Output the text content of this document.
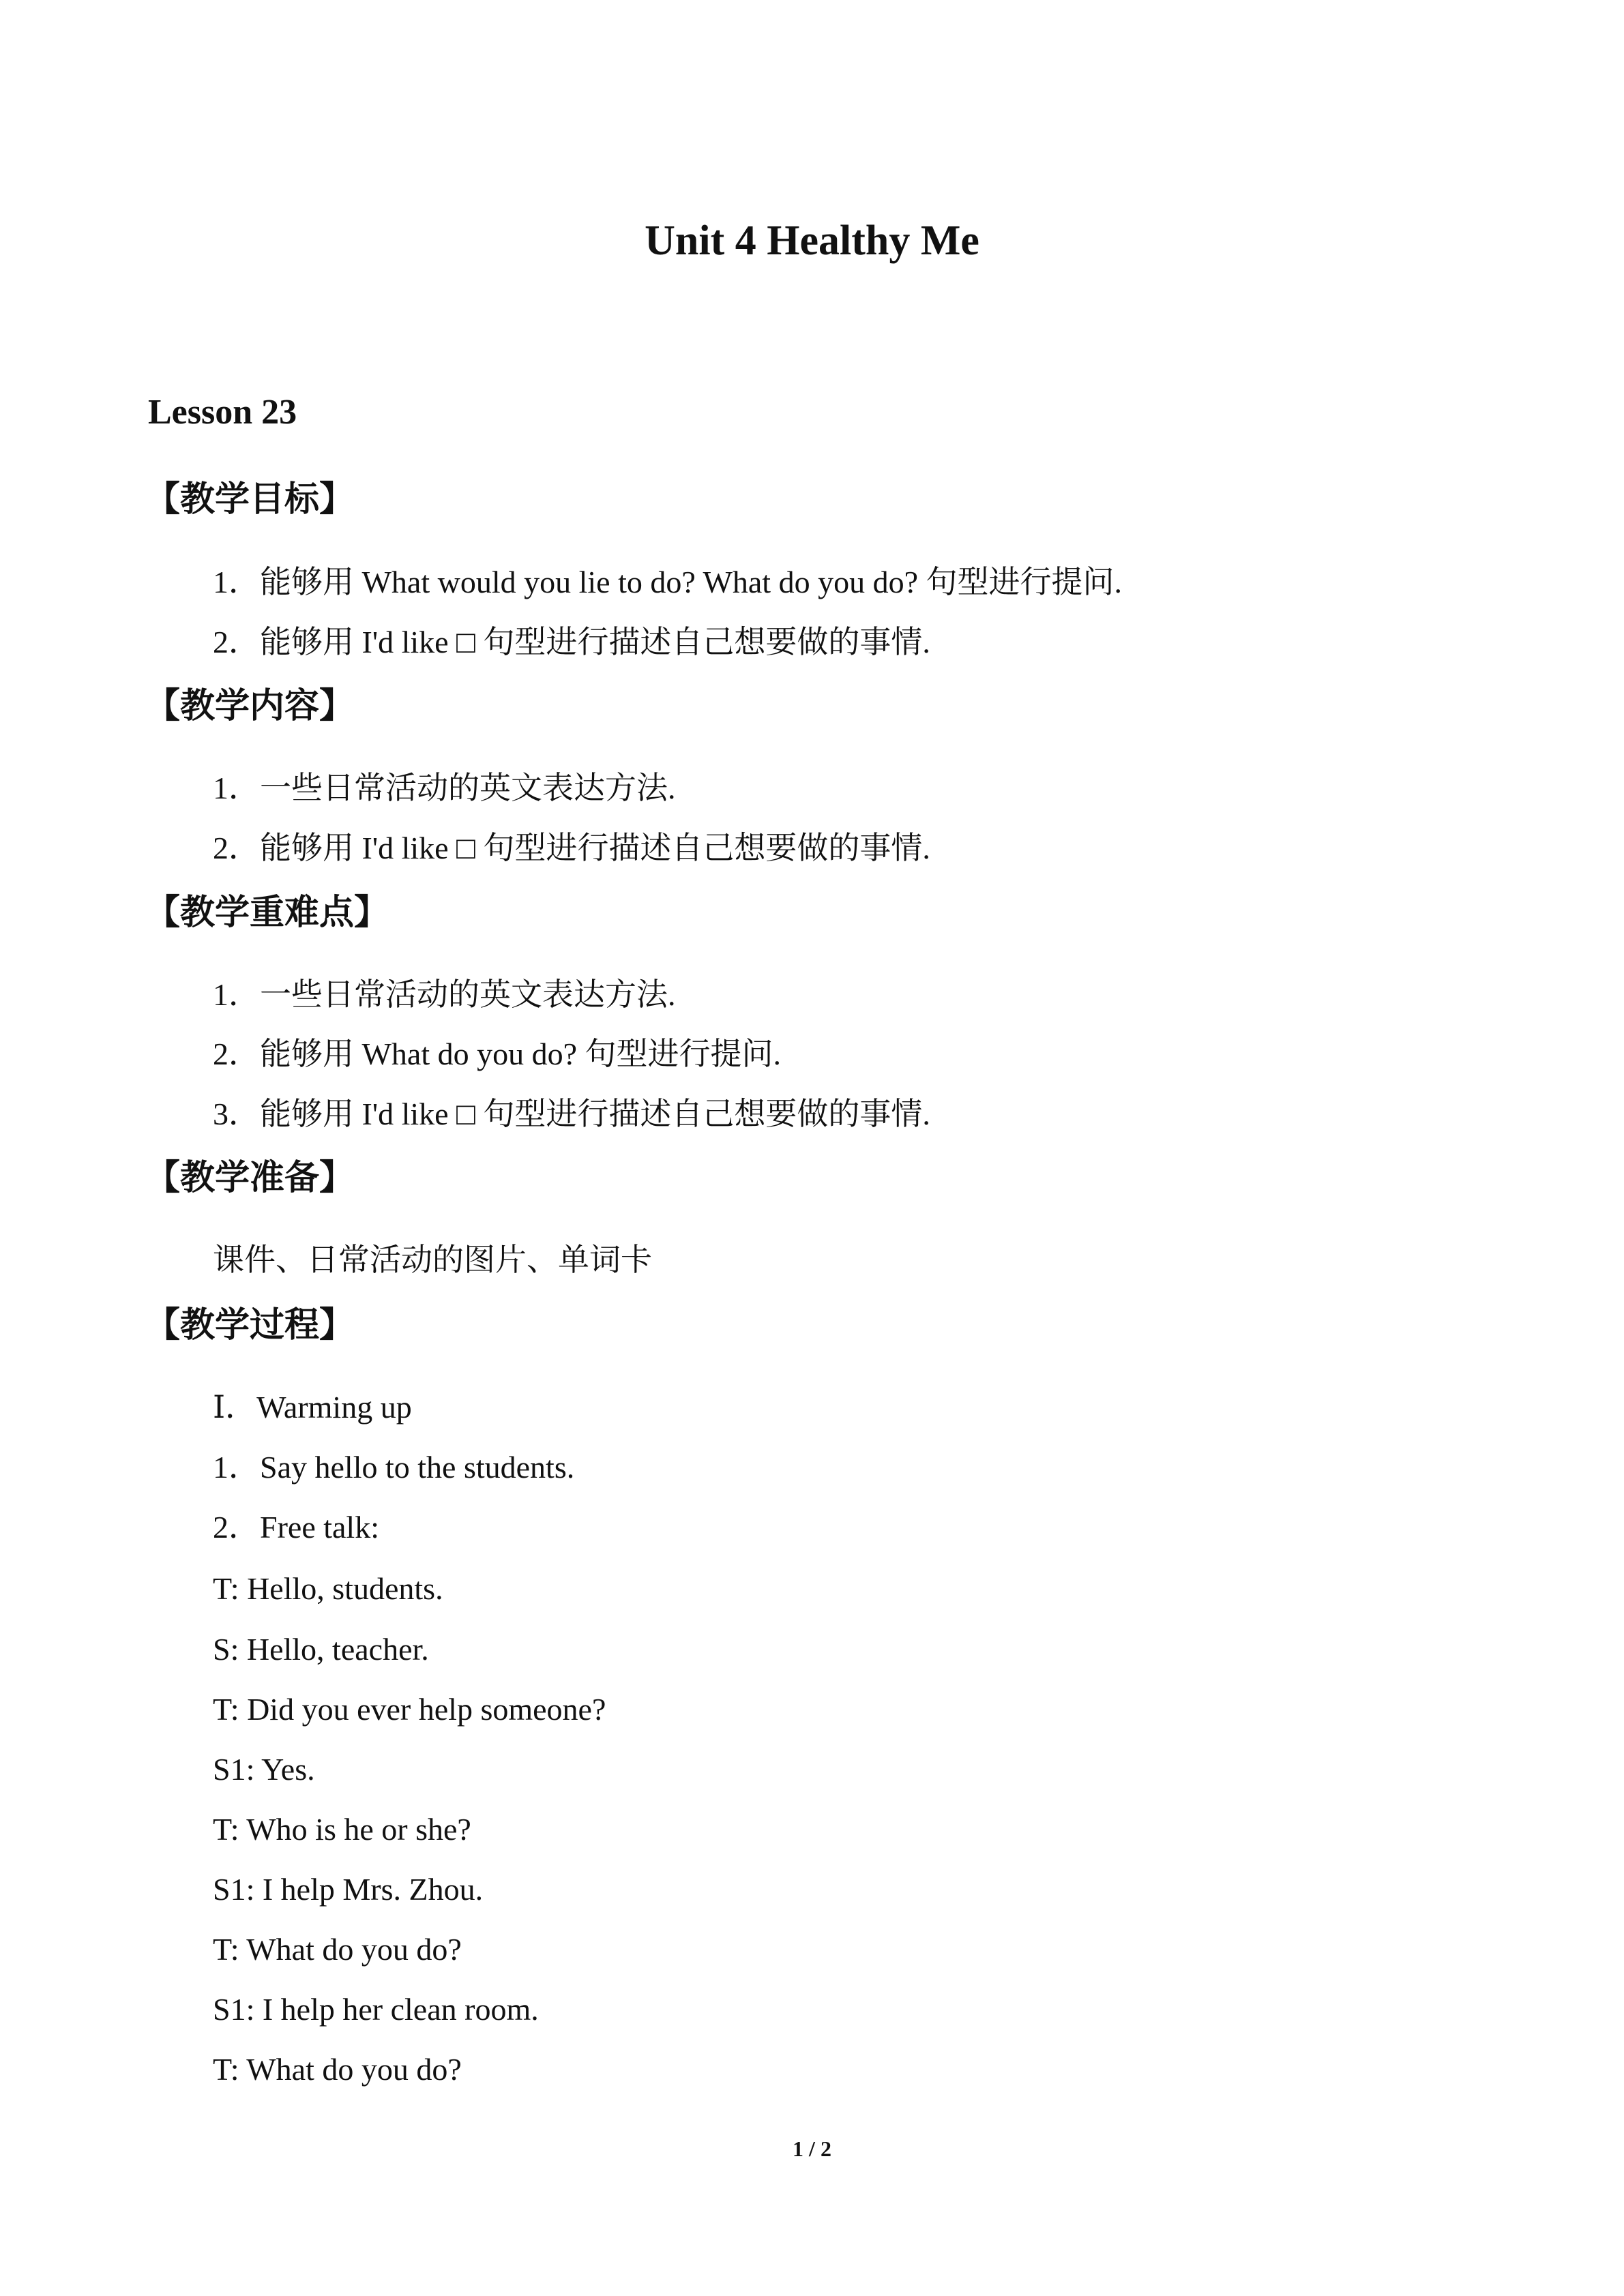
Unit 4 Healthy Me
Lesson 23
【教学目标】
1．能够用 What would you lie to do? What do you do? 句型进行提问.
2．能够用 I'd like □ 句型进行描述自己想要做的事情.
【教学内容】
1．一些日常活动的英文表达方法.
2．能够用 I'd like □ 句型进行描述自己想要做的事情.
【教学重难点】
1．一些日常活动的英文表达方法.
2．能够用 What do you do? 句型进行提问.
3．能够用 I'd like □ 句型进行描述自己想要做的事情.
【教学准备】
课件、日常活动的图片、单词卡
【教学过程】
Ⅰ．Warming up
1．Say hello to the students.
2．Free talk:
T: Hello, students.
S: Hello, teacher.
T: Did you ever help someone?
S1: Yes.
T: Who is he or she?
S1: I help Mrs. Zhou.
T: What do you do?
S1: I help her clean room.
T: What do you do?
1 / 2
